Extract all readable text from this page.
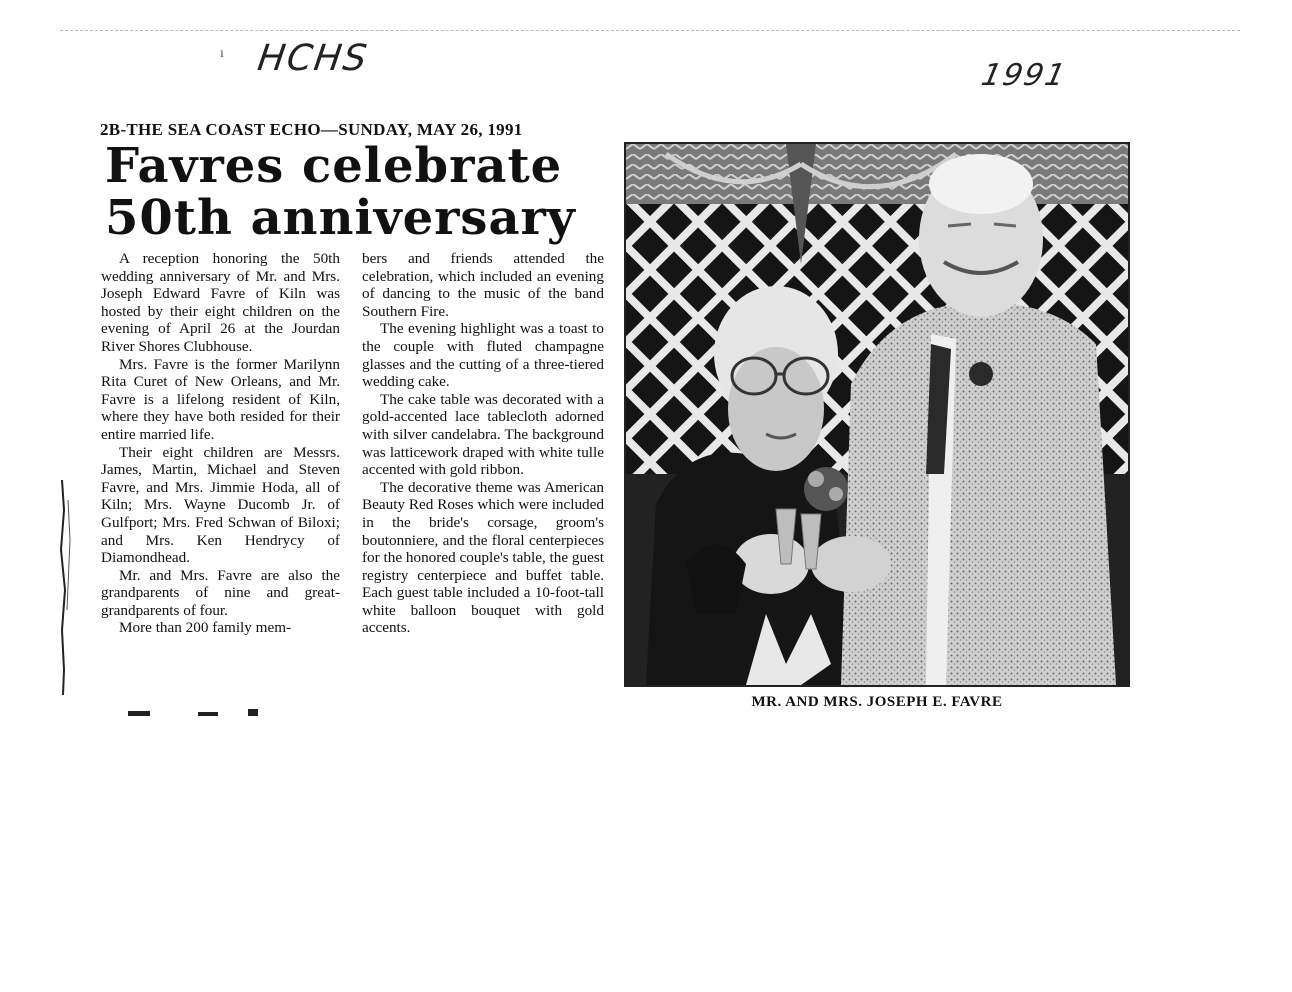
ı HCHS	1991
2B-THE SEA COAST ECHO—SUNDAY, MAY 26, 1991
Favres celebrate
50th anniversary

A reception honoring the 50th wedding anniversary of Mr. and Mrs. Joseph Edward Favre of Kiln was hosted by their eight children on the evening of April 26 at the Jourdan River Shores Clubhouse.

Mrs. Favre is the former Marilynn Rita Curet of New Orleans, and Mr. Favre is a lifelong resident of Kiln, where they have both resided for their entire married life.

Their eight children are Messrs. James, Martin, Michael and Steven Favre, and Mrs. Jimmie Hoda, all of Kiln; Mrs. Wayne Ducomb Jr. of Gulfport; Mrs. Fred Schwan of Biloxi; and Mrs. Ken Hendrycy of Diamondhead.

Mr. and Mrs. Favre are also the grandparents of nine and great-grandparents of four.

More than 200 family mem-

bers and friends attended the celebration, which included an evening of dancing to the music of the band Southern Fire.

The evening highlight was a toast to the couple with fluted champagne glasses and the cutting of a three-tiered wedding cake.

The cake table was decorated with a gold-accented lace tablecloth adorned with silver candelabra. The background was latticework draped with white tulle accented with gold ribbon.

The decorative theme was American Beauty Red Roses which were included in the bride's corsage, groom's boutonniere, and the floral centerpieces for the honored couple's table, the guest registry centerpiece and buffet table. Each guest table included a 10-foot-tall white balloon bouquet with gold accents.

MR. AND MRS. JOSEPH E. FAVRE
